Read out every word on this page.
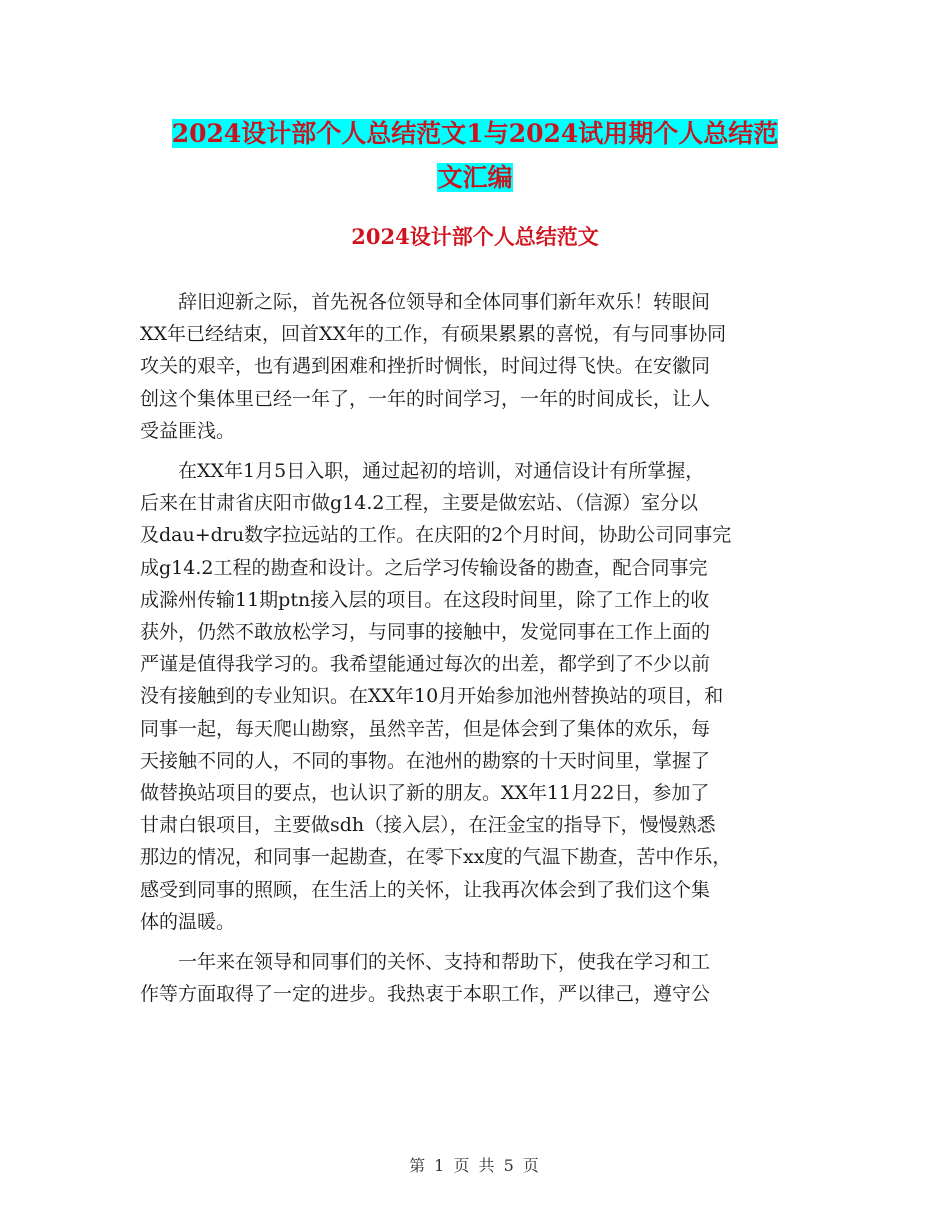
2024设计部个人总结范文1与2024试用期个人总结范
文汇编
2024设计部个人总结范文

　　辞旧迎新之际，首先祝各位领导和全体同事们新年欢乐！转眼间
XX年已经结束，回首XX年的工作，有硕果累累的喜悦，有与同事协同
攻关的艰辛，也有遇到困难和挫折时惆怅，时间过得飞快。在安徽同
创这个集体里已经一年了，一年的时间学习，一年的时间成长，让人
受益匪浅。

　　在XX年1月5日入职，通过起初的培训，对通信设计有所掌握，
后来在甘肃省庆阳市做g14.2工程，主要是做宏站、（信源）室分以
及dau+dru数字拉远站的工作。在庆阳的2个月时间，协助公司同事完
成g14.2工程的勘查和设计。之后学习传输设备的勘查，配合同事完
成滁州传输11期ptn接入层的项目。在这段时间里，除了工作上的收
获外，仍然不敢放松学习，与同事的接触中，发觉同事在工作上面的
严谨是值得我学习的。我希望能通过每次的出差，都学到了不少以前
没有接触到的专业知识。在XX年10月开始参加池州替换站的项目，和
同事一起，每天爬山勘察，虽然辛苦，但是体会到了集体的欢乐，每
天接触不同的人，不同的事物。在池州的勘察的十天时间里，掌握了
做替换站项目的要点，也认识了新的朋友。XX年11月22日，参加了
甘肃白银项目，主要做sdh（接入层），在汪金宝的指导下，慢慢熟悉
那边的情况，和同事一起勘查，在零下xx度的气温下勘查，苦中作乐，
感受到同事的照顾，在生活上的关怀，让我再次体会到了我们这个集
体的温暖。

　　一年来在领导和同事们的关怀、支持和帮助下，使我在学习和工
作等方面取得了一定的进步。我热衷于本职工作，严以律己，遵守公

第 1 页 共 5 页
